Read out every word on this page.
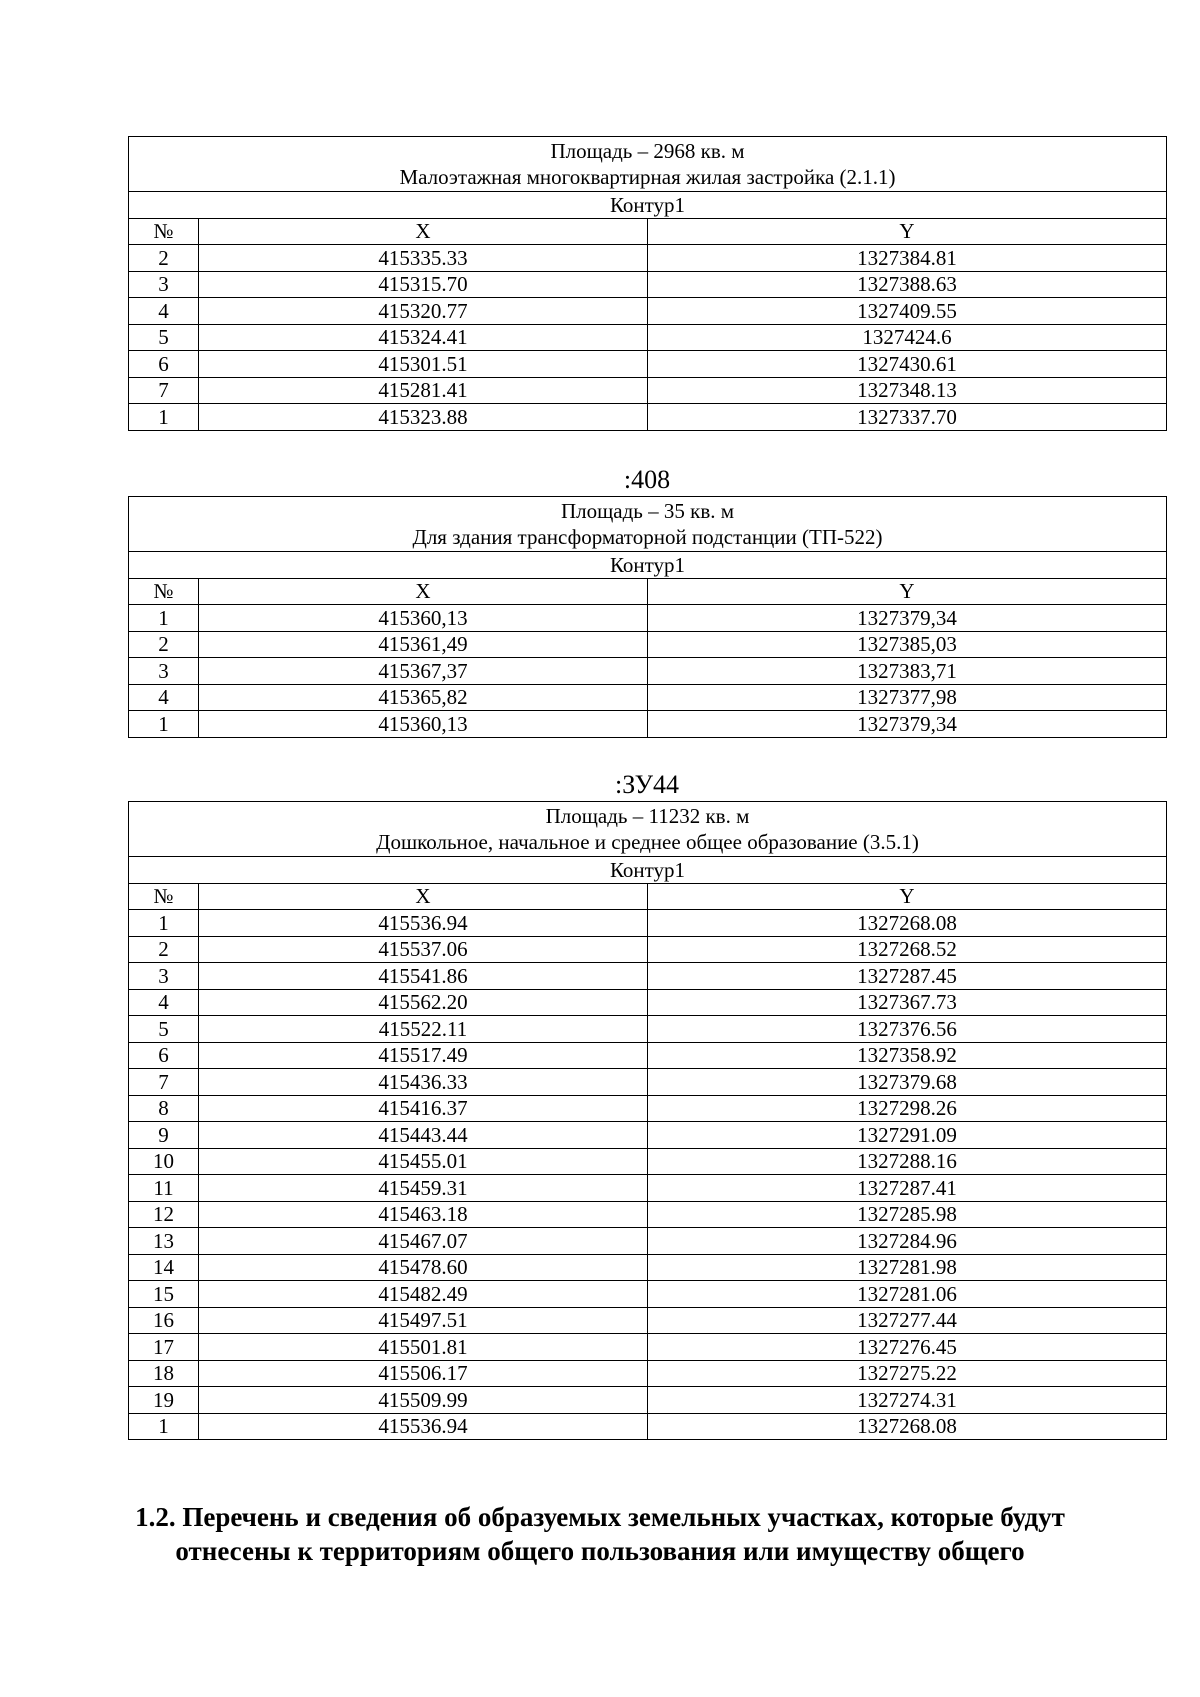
Площадь – 2968 кв. м
Малоэтажная многоквартирная жилая застройка (2.1.1)		

Контур1		
№	X	Y
2	415335.33	1327384.81
3	415315.70	1327388.63
4	415320.77	1327409.55
5	415324.41	1327424.6
6	415301.51	1327430.61
7	415281.41	1327348.13
1	415323.88	1327337.70
:408
Площадь – 35 кв. м
Для здания трансформаторной подстанции (ТП-522)		

Контур1		
№	X	Y
1	415360,13	1327379,34
2	415361,49	1327385,03
3	415367,37	1327383,71
4	415365,82	1327377,98
1	415360,13	1327379,34
:ЗУ44
Площадь – 11232 кв. м
Дошкольное, начальное и среднее общее образование (3.5.1)		

Контур1		
№	X	Y
1	415536.94	1327268.08
2	415537.06	1327268.52
3	415541.86	1327287.45
4	415562.20	1327367.73
5	415522.11	1327376.56
6	415517.49	1327358.92
7	415436.33	1327379.68
8	415416.37	1327298.26
9	415443.44	1327291.09
10	415455.01	1327288.16
11	415459.31	1327287.41
12	415463.18	1327285.98
13	415467.07	1327284.96
14	415478.60	1327281.98
15	415482.49	1327281.06
16	415497.51	1327277.44
17	415501.81	1327276.45
18	415506.17	1327275.22
19	415509.99	1327274.31
1	415536.94	1327268.08
1.2. Перечень и сведения об образуемых земельных участках, которые будут
отнесены к территориям общего пользования или имуществу общего
